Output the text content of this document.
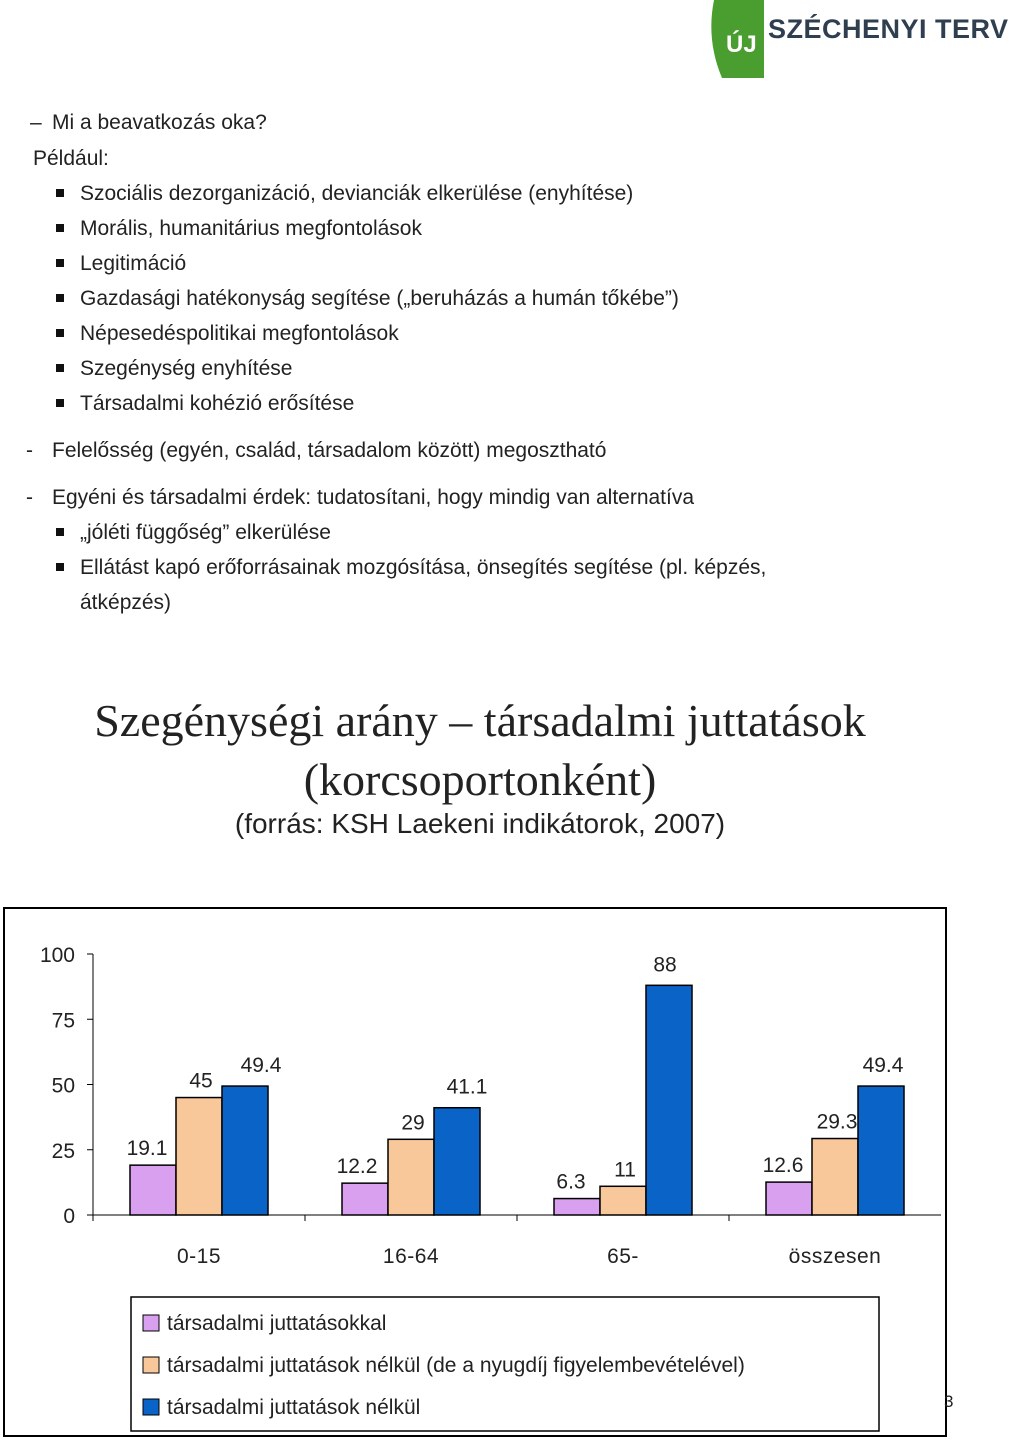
ÚJ
SZÉCHENYI TERV
– Mi a beavatkozás oka?
Például:
Szociális dezorganizáció, devianciák elkerülése (enyhítése)
Morális, humanitárius megfontolások
Legitimáció
Gazdasági hatékonyság segítése („beruházás a humán tőkébe”)
Népesedéspolitikai megfontolások
Szegénység enyhítése
Társadalmi kohézió erősítése
- Felelősség (egyén, család, társadalom között) megosztható
- Egyéni és társadalmi érdek: tudatosítani, hogy mindig van alternatíva
„jóléti függőség” elkerülése
Ellátást kapó erőforrásainak mozgósítása, önsegítés segítése (pl. képzés,
átképzés)
Szegénységi arány – társadalmi juttatások
(korcsoportonként)
(forrás: KSH Laekeni indikátorok, 2007)
0
25
50
75
100
19.1
45
49.4
0-15
12.2
29
41.1
16-64
6.3
11
88
65-
12.6
29.3
49.4
összesen
társadalmi juttatásokkal
társadalmi juttatások nélkül (de a nyugdíj figyelembevételével)
társadalmi juttatások nélkül	3
